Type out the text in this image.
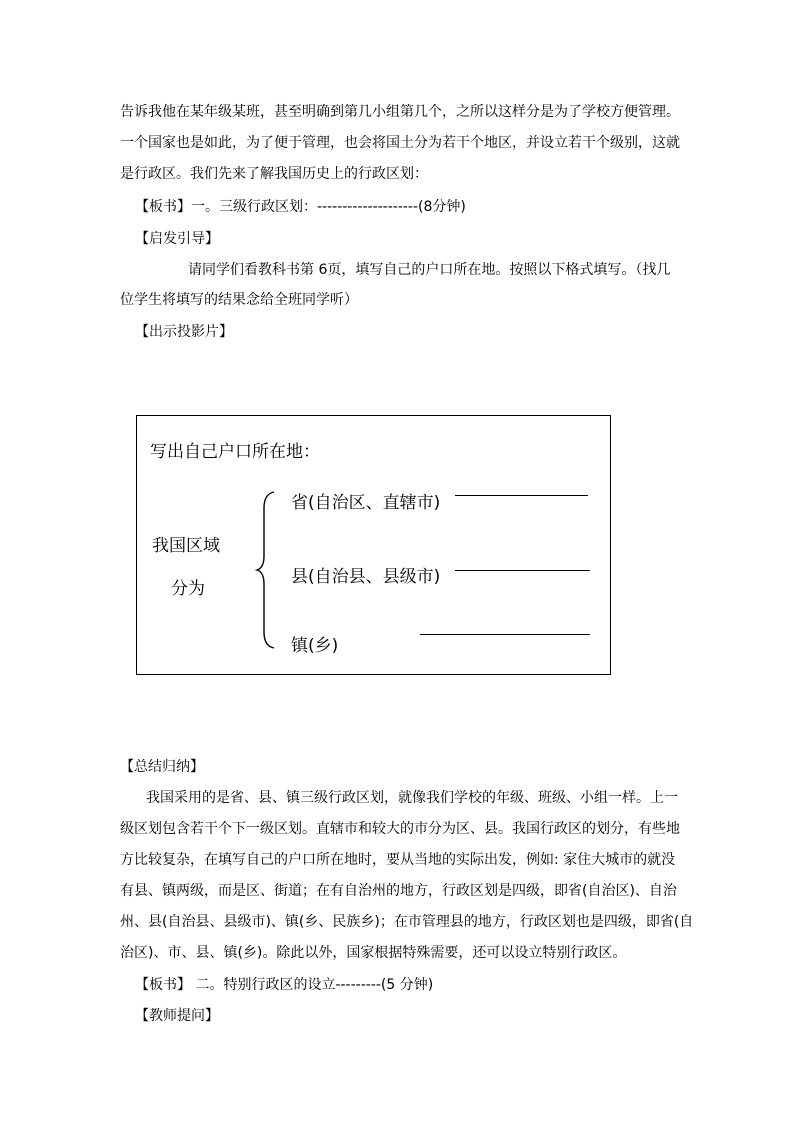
告诉我他在某年级某班，甚至明确到第几小组第几个，之所以这样分是为了学校方便管理。
一个国家也是如此，为了便于管理，也会将国土分为若干个地区，并设立若干个级别，这就
是行政区。我们先来了解我国历史上的行政区划：
【板书】一。三级行政区划：--------------------(8分钟)
【启发引导】
请同学们看教科书第 6页，填写自己的户口所在地。按照以下格式填写。（找几
位学生将填写的结果念给全班同学听）
【出示投影片】
写出自己户口所在地：
我国区域
分为
省(自治区、直辖市)
县(自治县、县级市)
镇(乡)
【总结归纳】
我国采用的是省、县、镇三级行政区划，就像我们学校的年级、班级、小组一样。上一
级区划包含若干个下一级区划。直辖市和较大的市分为区、县。我国行政区的划分，有些地
方比较复杂，在填写自己的户口所在地时，要从当地的实际出发，例如: 家住大城市的就没
有县、镇两级，而是区、街道；在有自治州的地方，行政区划是四级，即省(自治区)、自治
州、县(自治县、县级市)、镇(乡、民族乡)；在市管理县的地方，行政区划也是四级，即省(自
治区)、市、县、镇(乡)。除此以外，国家根据特殊需要，还可以设立特别行政区。
【板书】 二。特别行政区的设立---------(5 分钟)
【教师提问】
